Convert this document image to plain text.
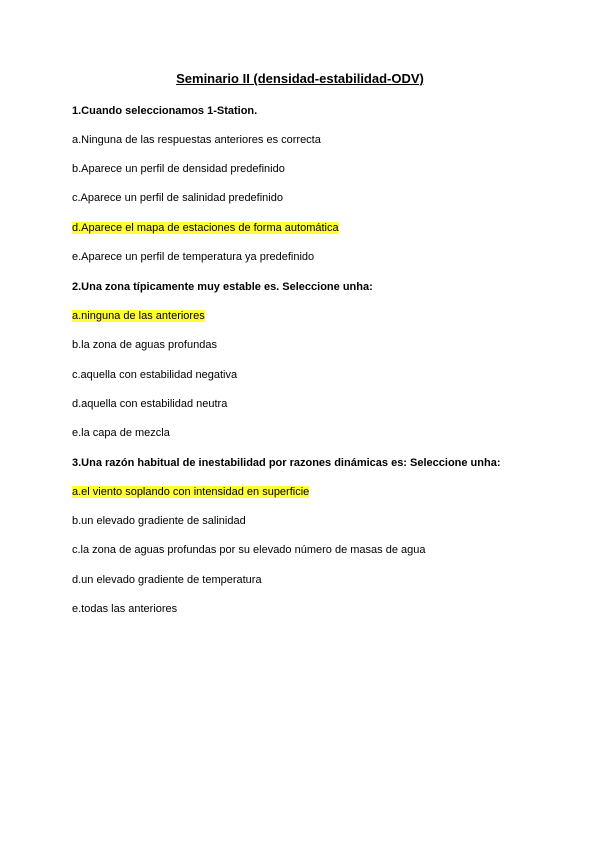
Seminario II (densidad-estabilidad-ODV)
1.Cuando seleccionamos 1-Station.
a.Ninguna de las respuestas anteriores es correcta
b.Aparece un perfil de densidad predefinido
c.Aparece un perfil de salinidad predefinido
d.Aparece el mapa de estaciones de forma automática
e.Aparece un perfil de temperatura ya predefinido
2.Una zona típicamente muy estable es. Seleccione unha:
a.ninguna de las anteriores
b.la zona de aguas profundas
c.aquella con estabilidad negativa
d.aquella con estabilidad neutra
e.la capa de mezcla
3.Una razón habitual de inestabilidad por razones dinámicas es: Seleccione unha:
a.el viento soplando con intensidad en superficie
b.un elevado gradiente de salinidad
c.la zona de aguas profundas por su elevado número de masas de agua
d.un elevado gradiente de temperatura
e.todas las anteriores
